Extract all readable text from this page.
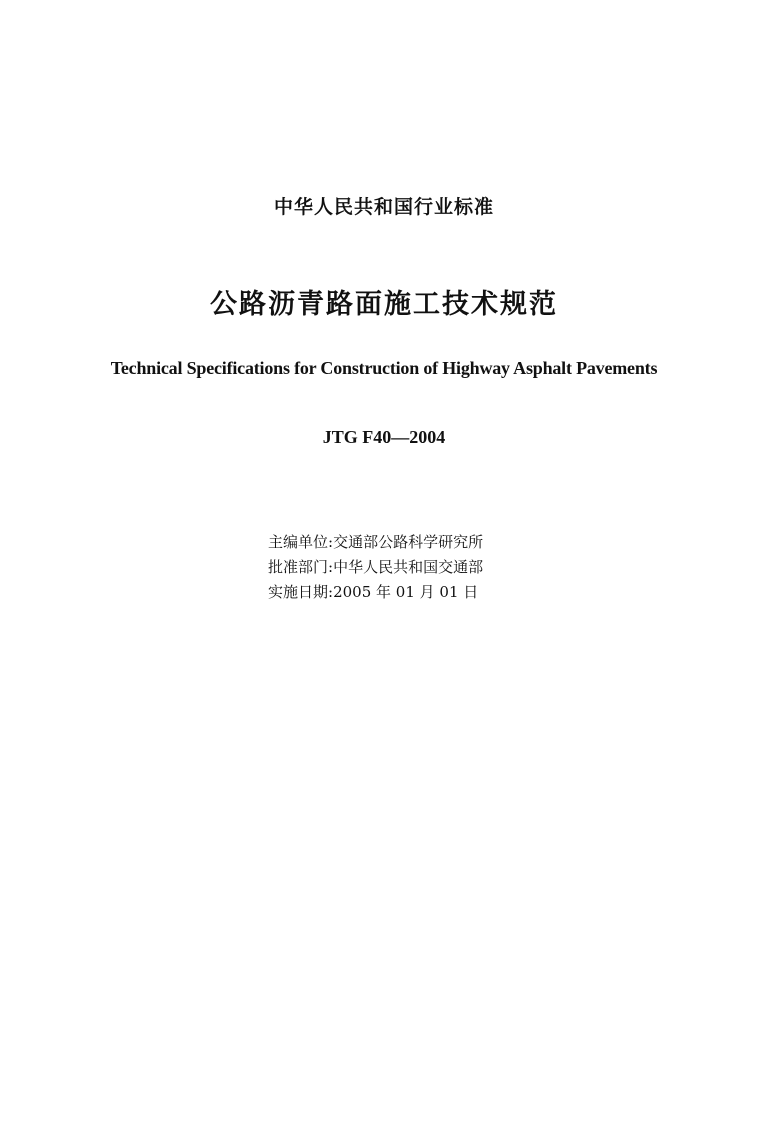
中华人民共和国行业标准
公路沥青路面施工技术规范
Technical Specifications for Construction of Highway Asphalt Pavements
JTG F40—2004
主编单位:交通部公路科学研究所
批准部门:中华人民共和国交通部
实施日期:2005 年 01 月 01 日
